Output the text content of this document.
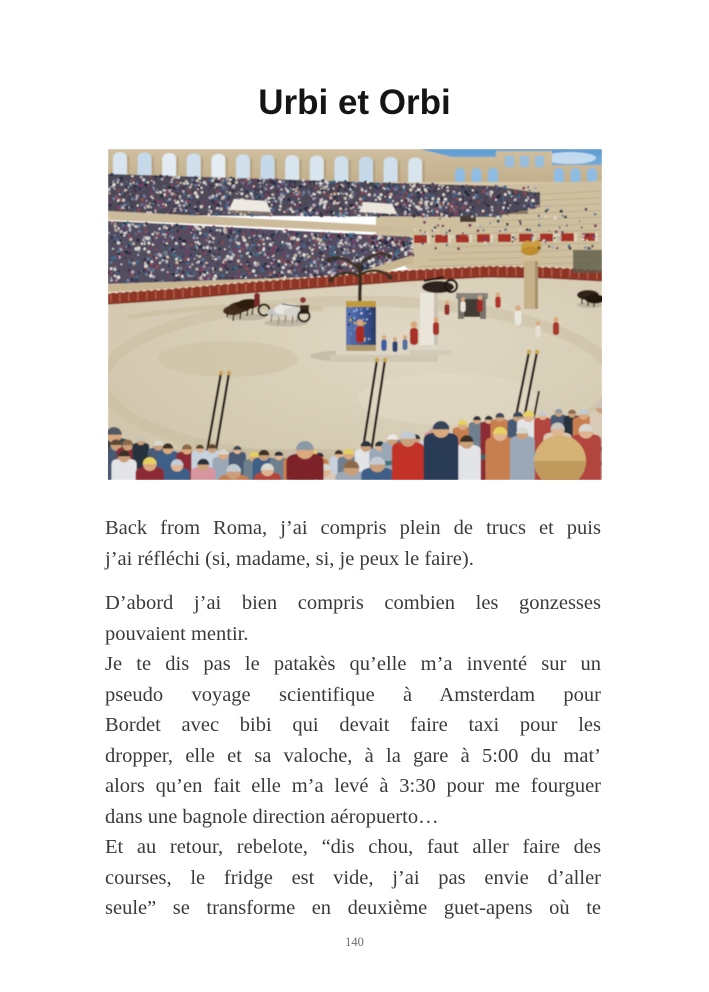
Urbi et Orbi
Back from Roma, j’ai compris plein de trucs et puis
j’ai réfléchi (si, madame, si, je peux le faire).
D’abord j’ai bien compris combien les gonzesses
pouvaient mentir.
Je te dis pas le patakès qu’elle m’a inventé sur un
pseudo voyage scientifique à Amsterdam pour
Bordet avec bibi qui devait faire taxi pour les
dropper, elle et sa valoche, à la gare à 5:00 du mat’
alors qu’en fait elle m’a levé à 3:30 pour me fourguer
dans une bagnole direction aéropuerto…
Et au retour, rebelote, “dis chou, faut aller faire des
courses, le fridge est vide, j’ai pas envie d’aller
seule” se transforme en deuxième guet-apens où te
140
